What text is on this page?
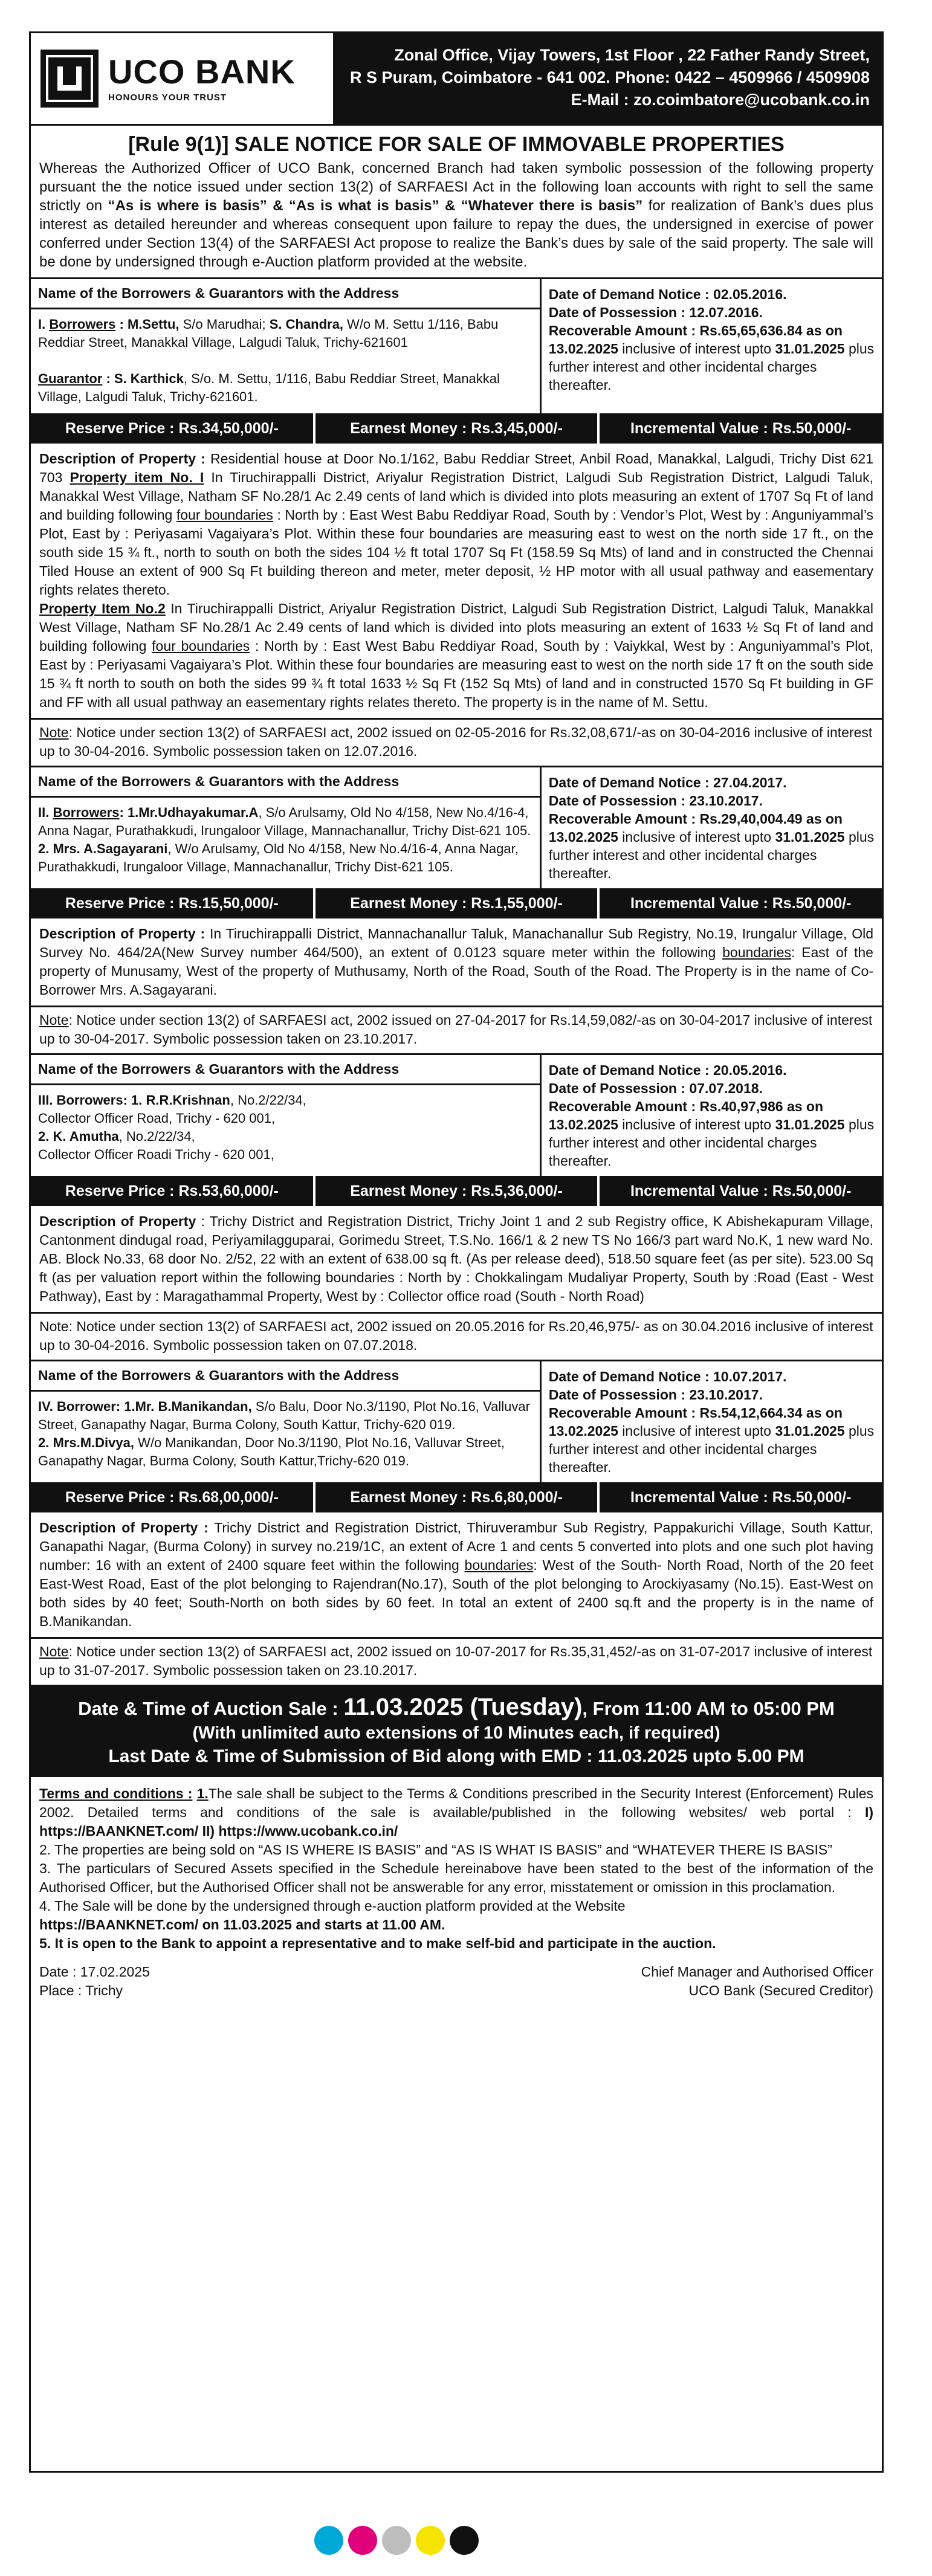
UCO BANK
HONOURS YOUR TRUST
Zonal Office, Vijay Towers, 1st Floor , 22 Father Randy Street,
R S Puram, Coimbatore - 641 002. Phone: 0422 – 4509966 / 4509908
E-Mail : zo.coimbatore@ucobank.co.in
[Rule 9(1)] SALE NOTICE FOR SALE OF IMMOVABLE PROPERTIES
Whereas the Authorized Officer of UCO Bank, concerned Branch had taken symbolic possession of the following property pursuant the the notice issued under section 13(2) of SARFAESI Act in the following loan accounts with right to sell the same strictly on “As is where is basis” & “As is what is basis” & “Whatever there is basis” for realization of Bank’s dues plus interest as detailed hereunder and whereas consequent upon failure to repay the dues, the undersigned in exercise of power conferred under Section 13(4) of the SARFAESI Act propose to realize the Bank’s dues by sale of the said property. The sale will be done by undersigned through e-Auction platform provided at the website.
Name of the Borrowers & Guarantors with the Address
I. Borrowers : M.Settu, S/o Marudhai; S. Chandra, W/o M. Settu 1/116, Babu Reddiar Street, Manakkal Village, Lalgudi Taluk, Trichy-621601

Guarantor : S. Karthick, S/o. M. Settu, 1/116, Babu Reddiar Street, Manakkal Village, Lalgudi Taluk, Trichy-621601.
Date of Demand Notice : 02.05.2016.
Date of Possession : 12.07.2016.
Recoverable Amount : Rs.65,65,636.84 as on 13.02.2025 inclusive of interest upto 31.01.2025 plus further interest and other incidental charges thereafter.
Reserve Price : Rs.34,50,000/-	Earnest Money : Rs.3,45,000/-	Incremental Value : Rs.50,000/-
Description of Property : Residential house at Door No.1/162, Babu Reddiar Street, Anbil Road, Manakkal, Lalgudi, Trichy Dist 621 703 Property item No. I In Tiruchirappalli District, Ariyalur Registration District, Lalgudi Sub Registration District, Lalgudi Taluk, Manakkal West Village, Natham SF No.28/1 Ac 2.49 cents of land which is divided into plots measuring an extent of 1707 Sq Ft of land and building following four boundaries : North by : East West Babu Reddiyar Road, South by : Vendor’s Plot, West by : Anguniyammal’s Plot, East by : Periyasami Vagaiyara’s Plot. Within these four boundaries are measuring east to west on the north side 17 ft., on the south side 15 ¾ ft., north to south on both the sides 104 ½ ft total 1707 Sq Ft (158.59 Sq Mts) of land and in constructed the Chennai Tiled House an extent of 900 Sq Ft building thereon and meter, meter deposit, ½ HP motor with all usual pathway and easementary rights relates thereto.
Property Item No.2 In Tiruchirappalli District, Ariyalur Registration District, Lalgudi Sub Registration District, Lalgudi Taluk, Manakkal West Village, Natham SF No.28/1 Ac 2.49 cents of land which is divided into plots measuring an extent of 1633 ½ Sq Ft of land and building following four boundaries : North by : East West Babu Reddiyar Road, South by : Vaiykkal, West by : Anguniyammal’s Plot, East by : Periyasami Vagaiyara’s Plot. Within these four boundaries are measuring east to west on the north side 17 ft on the south side 15 ¾ ft north to south on both the sides 99 ¾ ft total 1633 ½ Sq Ft (152 Sq Mts) of land and in constructed 1570 Sq Ft building in GF and FF with all usual pathway an easementary rights relates thereto. The property is in the name of M. Settu.
Note: Notice under section 13(2) of SARFAESI act, 2002 issued on 02-05-2016 for Rs.32,08,671/-as on 30-04-2016 inclusive of interest up to 30-04-2016. Symbolic possession taken on 12.07.2016.
Name of the Borrowers & Guarantors with the Address
II. Borrowers: 1.Mr.Udhayakumar.A, S/o Arulsamy, Old No 4/158, New No.4/16-4, Anna Nagar, Purathakkudi, Irungaloor Village, Mannachanallur, Trichy Dist-621 105.
2. Mrs. A.Sagayarani, W/o Arulsamy, Old No 4/158, New No.4/16-4, Anna Nagar, Purathakkudi, Irungaloor Village, Mannachanallur, Trichy Dist-621 105.
Date of Demand Notice : 27.04.2017.
Date of Possession : 23.10.2017.
Recoverable Amount : Rs.29,40,004.49 as on 13.02.2025 inclusive of interest upto 31.01.2025 plus further interest and other incidental charges thereafter.
Reserve Price : Rs.15,50,000/-	Earnest Money : Rs.1,55,000/-	Incremental Value : Rs.50,000/-
Description of Property : In Tiruchirappalli District, Mannachanallur Taluk, Manachanallur Sub Registry, No.19, Irungalur Village, Old Survey No. 464/2A(New Survey number 464/500), an extent of 0.0123 square meter within the following boundaries: East of the property of Munusamy, West of the property of Muthusamy, North of the Road, South of the Road. The Property is in the name of Co-Borrower Mrs. A.Sagayarani.
Note: Notice under section 13(2) of SARFAESI act, 2002 issued on 27-04-2017 for Rs.14,59,082/-as on 30-04-2017 inclusive of interest up to 30-04-2017. Symbolic possession taken on 23.10.2017.
Name of the Borrowers & Guarantors with the Address
III. Borrowers: 1. R.R.Krishnan, No.2/22/34,
Collector Officer Road, Trichy - 620 001,
2. K. Amutha, No.2/22/34,
Collector Officer Roadi Trichy - 620 001,
Date of Demand Notice : 20.05.2016.
Date of Possession : 07.07.2018.
Recoverable Amount : Rs.40,97,986 as on 13.02.2025 inclusive of interest upto 31.01.2025 plus further interest and other incidental charges thereafter.
Reserve Price : Rs.53,60,000/-	Earnest Money : Rs.5,36,000/-	Incremental Value : Rs.50,000/-
Description of Property : Trichy District and Registration District, Trichy Joint 1 and 2 sub Registry office, K Abishekapuram Village, Cantonment dindugal road, Periyamilagguparai, Gorimedu Street, T.S.No. 166/1 & 2 new TS No 166/3 part ward No.K, 1 new ward No. AB. Block No.33, 68 door No. 2/52, 22 with an extent of 638.00 sq ft. (As per release deed), 518.50 square feet (as per site). 523.00 Sq ft (as per valuation report within the following boundaries : North by : Chokkalingam Mudaliyar Property, South by :Road (East - West Pathway), East by : Maragathammal Property, West by : Collector office road (South - North Road)
Note: Notice under section 13(2) of SARFAESI act, 2002 issued on 20.05.2016 for Rs.20,46,975/- as on 30.04.2016 inclusive of interest up to 30-04-2016. Symbolic possession taken on 07.07.2018.
Name of the Borrowers & Guarantors with the Address
IV. Borrower: 1.Mr. B.Manikandan, S/o Balu, Door No.3/1190, Plot No.16, Valluvar Street, Ganapathy Nagar, Burma Colony, South Kattur, Trichy-620 019.
2. Mrs.M.Divya, W/o Manikandan, Door No.3/1190, Plot No.16, Valluvar Street, Ganapathy Nagar, Burma Colony, South Kattur,Trichy-620 019.
Date of Demand Notice : 10.07.2017.
Date of Possession : 23.10.2017.
Recoverable Amount : Rs.54,12,664.34 as on 13.02.2025 inclusive of interest upto 31.01.2025 plus further interest and other incidental charges thereafter.
Reserve Price : Rs.68,00,000/-	Earnest Money : Rs.6,80,000/-	Incremental Value : Rs.50,000/-
Description of Property : Trichy District and Registration District, Thiruverambur Sub Registry, Pappakurichi Village, South Kattur, Ganapathi Nagar, (Burma Colony) in survey no.219/1C, an extent of Acre 1 and cents 5 converted into plots and one such plot having number: 16 with an extent of 2400 square feet within the following boundaries: West of the South- North Road, North of the 20 feet East-West Road, East of the plot belonging to Rajendran(No.17), South of the plot belonging to Arockiyasamy (No.15). East-West on both sides by 40 feet; South-North on both sides by 60 feet. In total an extent of 2400 sq.ft and the property is in the name of B.Manikandan.
Note: Notice under section 13(2) of SARFAESI act, 2002 issued on 10-07-2017 for Rs.35,31,452/-as on 31-07-2017 inclusive of interest up to 31-07-2017. Symbolic possession taken on 23.10.2017.
Date & Time of Auction Sale : 11.03.2025 (Tuesday), From 11:00 AM to 05:00 PM
(With unlimited auto extensions of 10 Minutes each, if required)
Last Date & Time of Submission of Bid along with EMD : 11.03.2025 upto 5.00 PM
Terms and conditions : 1.The sale shall be subject to the Terms & Conditions prescribed in the Security Interest (Enforcement) Rules 2002. Detailed terms and conditions of the sale is available/published in the following websites/ web portal : I) https://BAANKNET.com/ II) https://www.ucobank.co.in/
2. The properties are being sold on “AS IS WHERE IS BASIS” and “AS IS WHAT IS BASIS” and “WHATEVER THERE IS BASIS”
3. The particulars of Secured Assets specified in the Schedule hereinabove have been stated to the best of the information of the Authorised Officer, but the Authorised Officer shall not be answerable for any error, misstatement or omission in this proclamation.
4. The Sale will be done by the undersigned through e-auction platform provided at the Website
https://BAANKNET.com/ on 11.03.2025 and starts at 11.00 AM.
5. It is open to the Bank to appoint a representative and to make self-bid and participate in the auction.
Date : 17.02.2025
Place : Trichy
Chief Manager and Authorised Officer
UCO Bank (Secured Creditor)
